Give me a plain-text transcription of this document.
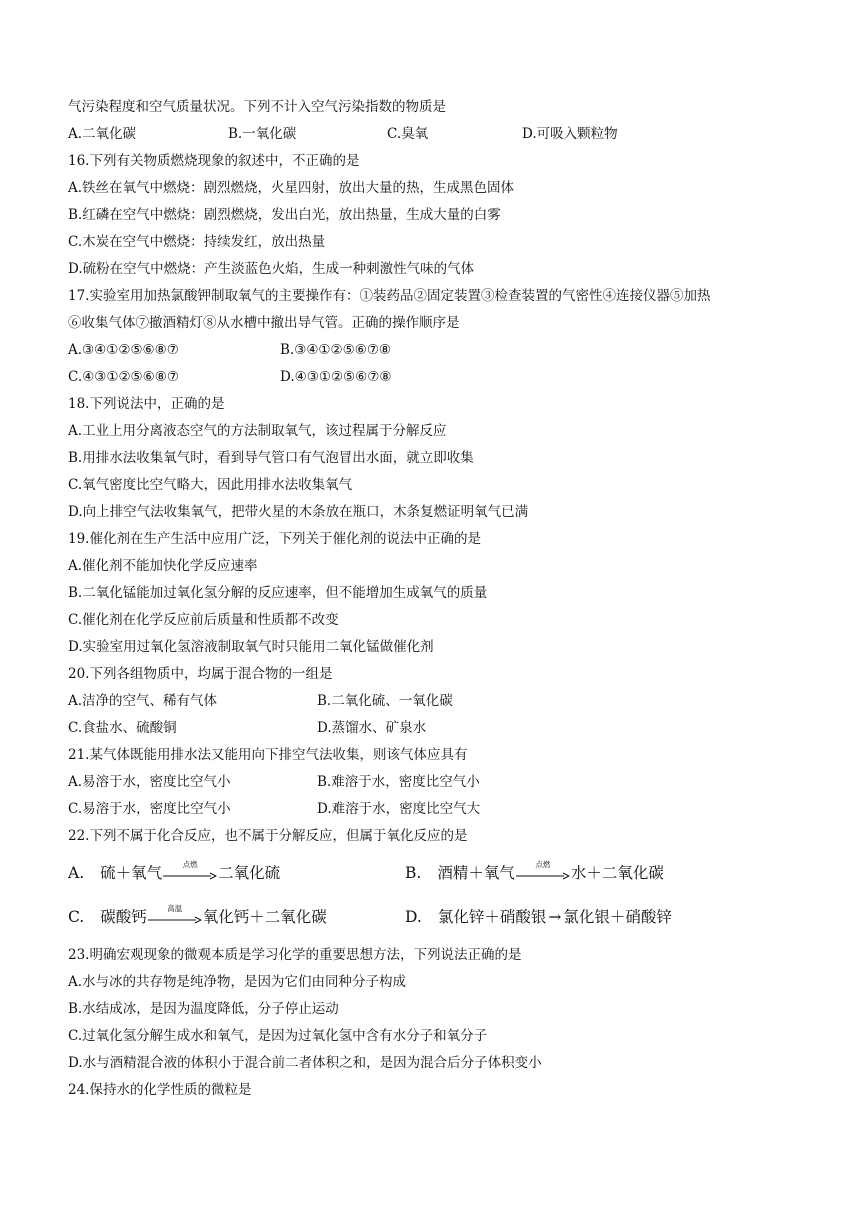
气污染程度和空气质量状况。下列不计入空气污染指数的物质是
A.二氧化碳	B.一氧化碳	C.臭氧	D.可吸入颗粒物
16.下列有关物质燃烧现象的叙述中，不正确的是
A.铁丝在氧气中燃烧：剧烈燃烧，火星四射，放出大量的热，生成黑色固体
B.红磷在空气中燃烧：剧烈燃烧，发出白光，放出热量，生成大量的白雾
C.木炭在空气中燃烧：持续发红，放出热量
D.硫粉在空气中燃烧：产生淡蓝色火焰，生成一种刺激性气味的气体
17.实验室用加热氯酸钾制取氧气的主要操作有：①装药品②固定装置③检查装置的气密性④连接仪器⑤加热
⑥收集气体⑦撤酒精灯⑧从水槽中撤出导气管。正确的操作顺序是
A.③④①②⑤⑥⑧⑦	B.③④①②⑤⑥⑦⑧
C.④③①②⑤⑥⑧⑦	D.④③①②⑤⑥⑦⑧
18.下列说法中，正确的是
A.工业上用分离液态空气的方法制取氧气，该过程属于分解反应
B.用排水法收集氧气时，看到导气管口有气泡冒出水面，就立即收集
C.氧气密度比空气略大，因此用排水法收集氧气
D.向上排空气法收集氧气，把带火星的木条放在瓶口，木条复燃证明氧气已满
19.催化剂在生产生活中应用广泛，下列关于催化剂的说法中正确的是
A.催化剂不能加快化学反应速率
B.二氧化锰能加过氧化氢分解的反应速率，但不能增加生成氧气的质量
C.催化剂在化学反应前后质量和性质都不改变
D.实验室用过氧化氢溶液制取氧气时只能用二氧化锰做催化剂
20.下列各组物质中，均属于混合物的一组是
A.洁净的空气、稀有气体	B.二氧化硫、一氧化碳
C.食盐水、硫酸铜	D.蒸馏水、矿泉水
21.某气体既能用排水法又能用向下排空气法收集，则该气体应具有
A.易溶于水，密度比空气小	B.难溶于水，密度比空气小
C.易溶于水，密度比空气小	D.难溶于水，密度比空气大
22.下列不属于化合反应，也不属于分解反应，但属于氧化反应的是
A. 硫＋氧气	点燃	二氧化硫	B. 酒精＋氧气	点燃	水＋二氧化碳
C. 碳酸钙	高温	氧化钙＋二氧化碳	D. 氯化锌＋硝酸银 → 氯化银＋硝酸锌
23.明确宏观现象的微观本质是学习化学的重要思想方法，下列说法正确的是
A.水与冰的共存物是纯净物，是因为它们由同种分子构成
B.水结成冰，是因为温度降低，分子停止运动
C.过氧化氢分解生成水和氧气，是因为过氧化氢中含有水分子和氧分子
D.水与酒精混合液的体积小于混合前二者体积之和，是因为混合后分子体积变小
24.保持水的化学性质的微粒是
